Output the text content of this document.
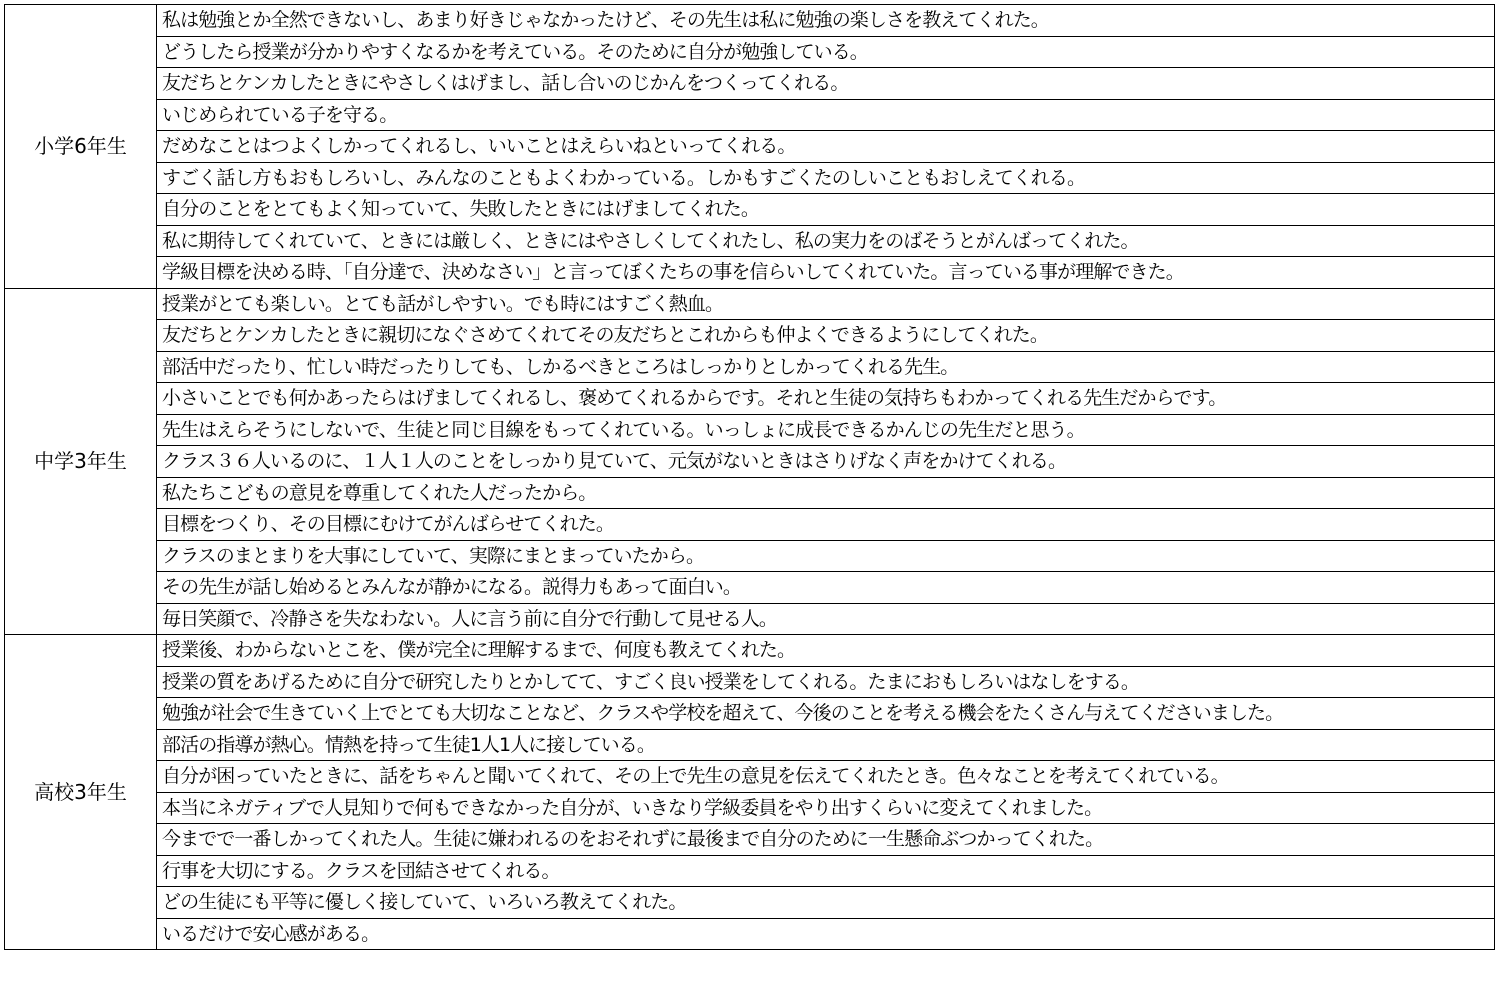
小学6年生	私は勉強とか全然できないし、あまり好きじゃなかったけど、その先生は私に勉強の楽しさを教えてくれた。
	どうしたら授業が分かりやすくなるかを考えている。そのために自分が勉強している。
	友だちとケンカしたときにやさしくはげまし、話し合いのじかんをつくってくれる。
	いじめられている子を守る。
	だめなことはつよくしかってくれるし、いいことはえらいねといってくれる。
	すごく話し方もおもしろいし、みんなのこともよくわかっている。しかもすごくたのしいこともおしえてくれる。
	自分のことをとてもよく知っていて、失敗したときにはげましてくれた。
	私に期待してくれていて、ときには厳しく、ときにはやさしくしてくれたし、私の実力をのばそうとがんばってくれた。
	学級目標を決める時、「自分達で、決めなさい」と言ってぼくたちの事を信らいしてくれていた。言っている事が理解できた。
中学3年生	授業がとても楽しい。とても話がしやすい。でも時にはすごく熱血。
	友だちとケンカしたときに親切になぐさめてくれてその友だちとこれからも仲よくできるようにしてくれた。
	部活中だったり、忙しい時だったりしても、しかるべきところはしっかりとしかってくれる先生。
	小さいことでも何かあったらはげましてくれるし、褒めてくれるからです。それと生徒の気持ちもわかってくれる先生だからです。
	先生はえらそうにしないで、生徒と同じ目線をもってくれている。いっしょに成長できるかんじの先生だと思う。
	クラス３６人いるのに、１人１人のことをしっかり見ていて、元気がないときはさりげなく声をかけてくれる。
	私たちこどもの意見を尊重してくれた人だったから。
	目標をつくり、その目標にむけてがんばらせてくれた。
	クラスのまとまりを大事にしていて、実際にまとまっていたから。
	その先生が話し始めるとみんなが静かになる。説得力もあって面白い。
	毎日笑顔で、冷静さを失なわない。人に言う前に自分で行動して見せる人。
高校3年生	授業後、わからないとこを、僕が完全に理解するまで、何度も教えてくれた。
	授業の質をあげるために自分で研究したりとかしてて、すごく良い授業をしてくれる。たまにおもしろいはなしをする。
	勉強が社会で生きていく上でとても大切なことなど、クラスや学校を超えて、今後のことを考える機会をたくさん与えてくださいました。
	部活の指導が熱心。情熱を持って生徒1人1人に接している。
	自分が困っていたときに、話をちゃんと聞いてくれて、その上で先生の意見を伝えてくれたとき。色々なことを考えてくれている。
	本当にネガティブで人見知りで何もできなかった自分が、いきなり学級委員をやり出すくらいに変えてくれました。
	今までで一番しかってくれた人。生徒に嫌われるのをおそれずに最後まで自分のために一生懸命ぶつかってくれた。
	行事を大切にする。クラスを団結させてくれる。
	どの生徒にも平等に優しく接していて、いろいろ教えてくれた。
	いるだけで安心感がある。
